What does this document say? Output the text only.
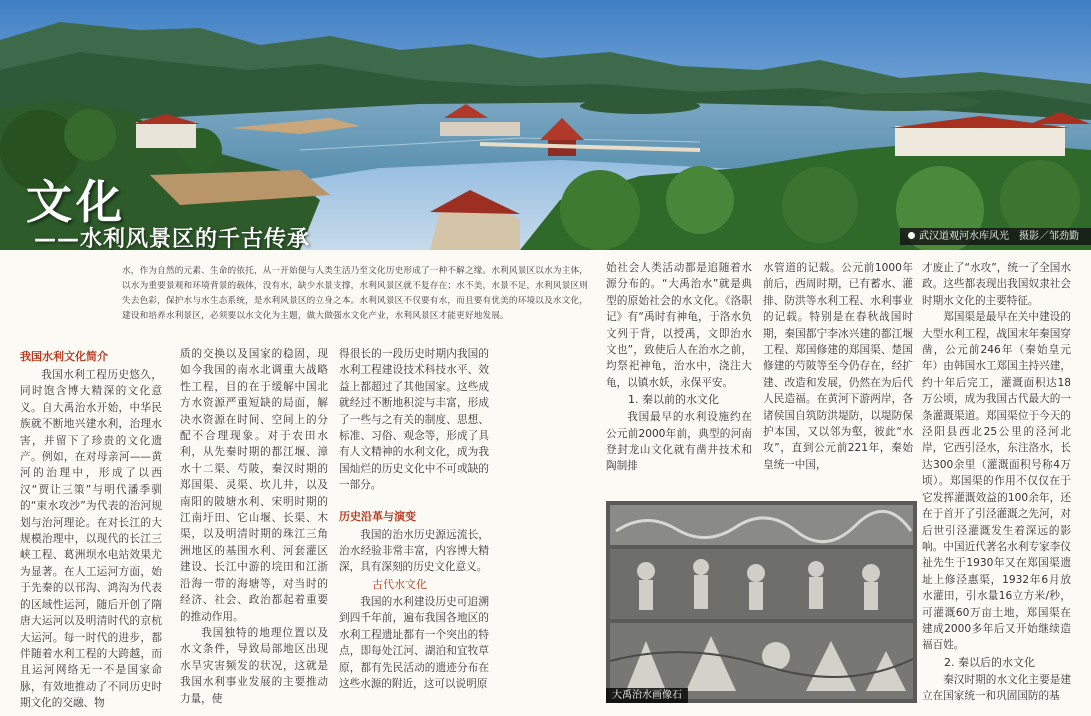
文化
——水利风景区的千古传承	武汉道观河水库风光　摄影／邹劲勤
水，作为自然的元素、生命的依托，从一开始便与人类生活乃至文化历史形成了一种不解之缘。水利风景区以水为主体，以水为重要景观和环境背景的载体，没有水，缺少水景支撑，水利风景区就不复存在；水不美，水景不足，水利风景区则失去色彩，保护水与水生态系统，是水利风景区的立身之本。水利风景区不仅要有水，而且要有优美的环境以及水文化，建设和培养水利景区，必须要以水文化为主题，做大做强水文化产业，水利风景区才能更好地发展。
我国水利文化简介

我国水利工程历史悠久，同时饱含博大精深的文化意义。自大禹治水开始，中华民族就不断地兴建水利，治理水害，并留下了珍贵的文化遗产。例如，在对母亲河——黄河的治理中，形成了以西汉“贾让三策”与明代潘季驯的“束水攻沙”为代表的治河规划与治河理论。在对长江的大规模治理中，以现代的长江三峡工程、葛洲坝水电站效果尤为显著。在人工运河方面，始于先秦的以邗沟、鸿沟为代表的区域性运河，随后开创了隋唐大运河以及明清时代的京杭大运河。每一时代的进步，都伴随着水利工程的大跨越，而且运河网络无一不是国家命脉，有效地推动了不同历史时期文化的交融、物

质的交换以及国家的稳固，现如今我国的南水北调重大战略性工程，目的在于缓解中国北方水资源严重短缺的局面，解决水资源在时间、空间上的分配不合理现象。对于农田水利，从先秦时期的都江堰、漳水十二渠、芍陂，秦汉时期的郑国渠、灵渠、坎儿井，以及南阳的陂塘水利、宋明时期的江南圩田、它山堰、长渠、木渠，以及明清时期的珠江三角洲地区的基围水利、河套灌区建设、长江中游的垸田和江浙沿海一带的海塘等，对当时的经济、社会、政治都起着重要的推动作用。

我国独特的地理位置以及水文条件，导致局部地区出现水旱灾害频发的状况，这就是我国水利事业发展的主要推动力量，使

得很长的一段历史时期内我国的水利工程建设技术科技水平、效益上都超过了其他国家。这些成就经过不断地积淀与丰富，形成了一些与之有关的制度、思想、标准、习俗、观念等，形成了具有人文精神的水利文化，成为我国灿烂的历史文化中不可或缺的一部分。

历史沿革与演变

我国的治水历史源远流长，治水经验非常丰富，内容博大精深，具有深刻的历史文化意义。

古代水文化

我国的水利建设历史可追溯到四千年前，遍布我国各地区的水利工程遗址都有一个突出的特点，即每处江河、湖泊和宜牧草原，都有先民活动的遗迹分布在这些水源的附近，这可以说明原

始社会人类活动都是追随着水源分布的。“大禹治水”就是典型的原始社会的水文化。《洛职记》有“禹时有神龟，于洛水负文列于背，以授禹，文即治水文也”，致使后人在治水之前，均祭祀神龟，治水中，浇注大龟，以镇水妖，永保平安。

1. 秦以前的水文化

我国最早的水利设施约在公元前2000年前，典型的河南登封龙山文化就有凿井技术和陶制排

水管道的记载。公元前1000年前后，西周时期，已有蓄水、灌排、防洪等水利工程、水利事业的记载。特别是在春秋战国时期，秦国都宁李冰兴建的都江堰工程、郑国修建的郑国渠、楚国修建的芍陂等至今仍存在，经扩建、改造和发展，仍然在为后代人民造福。在黄河下游两岸，各诸侯国自筑防洪堤防，以堤防保护本国，又以邻为壑，彼此“水攻”，直到公元前221年，秦始皇统一中国，

才废止了“水攻”，统一了全国水政。这些都表现出我国奴隶社会时期水文化的主要特征。

郑国渠是最早在关中建设的大型水利工程，战国末年秦国穿凿，公元前246年（秦始皇元年）由韩国水工郑国主持兴建，约十年后完工，灌溉面积达18万公顷，成为我国古代最大的一条灌溉渠道。郑国渠位于今天的泾阳县西北25公里的泾河北岸，它西引泾水，东注洛水，长达300余里（灌溉面积号称4万顷）。郑国渠的作用不仅仅在于它发挥灌溉效益的100余年，还在于首开了引泾灌溉之先河，对后世引泾灌溉发生着深远的影响。中国近代著名水利专家李仪祉先生于1930年又在郑国渠遗址上修泾惠渠，1932年6月放水灌田，引水量16立方米/秒，可灌溉60万亩土地，郑国渠在建成2000多年后又开始继续造福百姓。

2. 秦以后的水文化

秦汉时期的水文化主要是建立在国家统一和巩固国防的基

大禹治水画像石
